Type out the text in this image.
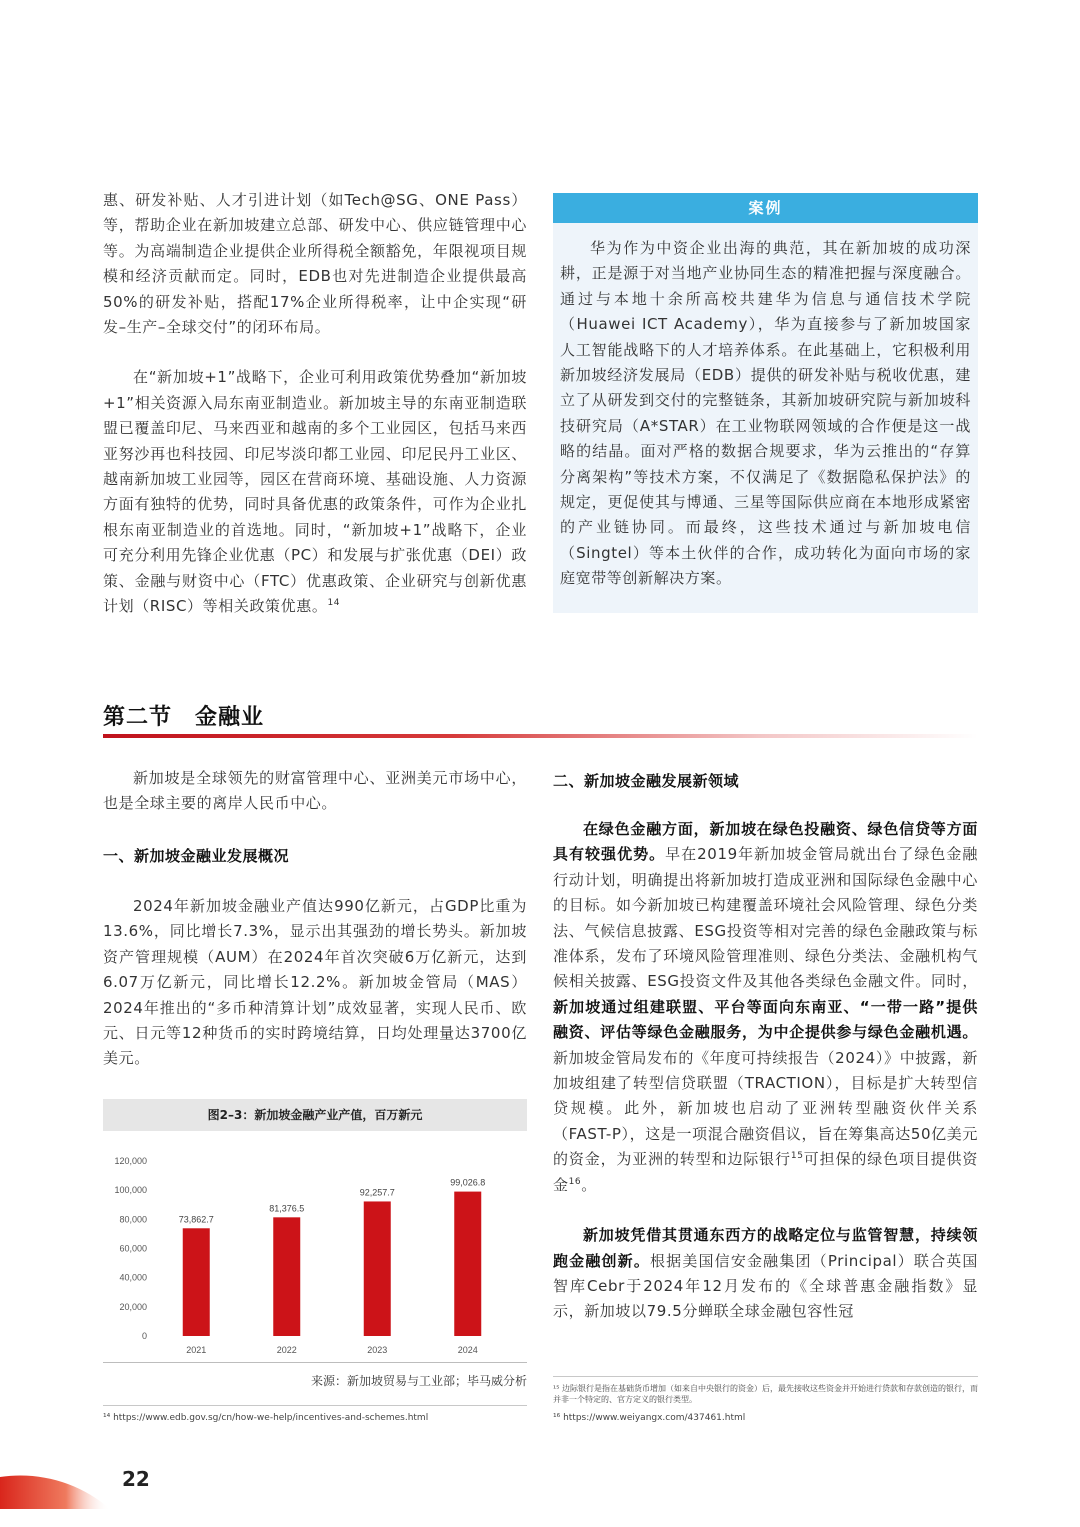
惠、研发补贴、人才引进计划（如Tech@SG、ONE Pass）等，帮助企业在新加坡建立总部、研发中心、供应链管理中心等。为高端制造企业提供企业所得税全额豁免，年限视项目规模和经济贡献而定。同时，EDB也对先进制造企业提供最高50%的研发补贴，搭配17%企业所得税率，让中企实现“研发–生产–全球交付”的闭环布局。

在“新加坡+1”战略下，企业可利用政策优势叠加“新加坡+1”相关资源入局东南亚制造业。新加坡主导的东南亚制造联盟已覆盖印尼、马来西亚和越南的多个工业园区，包括马来西亚努沙再也科技园、印尼岑淡印都工业园、印尼民丹工业区、越南新加坡工业园等，园区在营商环境、基础设施、人力资源方面有独特的优势，同时具备优惠的政策条件，可作为企业扎根东南亚制造业的首选地。同时，“新加坡+1”战略下，企业可充分利用先锋企业优惠（PC）和发展与扩张优惠（DEI）政策、金融与财资中心（FTC）优惠政策、企业研究与创新优惠计划（RISC）等相关政策优惠。$^{14}$

案例

华为作为中资企业出海的典范，其在新加坡的成功深耕，正是源于对当地产业协同生态的精准把握与深度融合。通过与本地十余所高校共建华为信息与通信技术学院（Huawei ICT Academy），华为直接参与了新加坡国家人工智能战略下的人才培养体系。在此基础上，它积极利用新加坡经济发展局（EDB）提供的研发补贴与税收优惠，建立了从研发到交付的完整链条，其新加坡研究院与新加坡科技研究局（A*STAR）在工业物联网领域的合作便是这一战略的结晶。面对严格的数据合规要求，华为云推出的“存算分离架构”等技术方案，不仅满足了《数据隐私保护法》的规定，更促使其与博通、三星等国际供应商在本地形成紧密的产业链协同。而最终，这些技术通过与新加坡电信（Singtel）等本土伙伴的合作，成功转化为面向市场的家庭宽带等创新解决方案。

第二节　金融业

新加坡是全球领先的财富管理中心、亚洲美元市场中心，也是全球主要的离岸人民币中心。

一、新加坡金融业发展概况

2024年新加坡金融业产值达990亿新元，占GDP比重为13.6%，同比增长7.3%，显示出其强劲的增长势头。新加坡资产管理规模（AUM）在2024年首次突破6万亿新元，达到6.07万亿新元，同比增长12.2%。新加坡金管局（MAS）2024年推出的“多币种清算计划”成效显著，实现人民币、欧元、日元等12种货币的实时跨境结算，日均处理量达3700亿美元。

图2–3：新加坡金融产业产值，百万新元
0
20,000
40,000
60,000
80,000
100,000
120,000
73,862.7
2021
81,376.5
2022
92,257.7
2023
99,026.8
2024
来源：新加坡贸易与工业部；毕马威分析
二、新加坡金融发展新领域

在绿色金融方面，新加坡在绿色投融资、绿色信贷等方面具有较强优势。早在2019年新加坡金管局就出台了绿色金融行动计划，明确提出将新加坡打造成亚洲和国际绿色金融中心的目标。如今新加坡已构建覆盖环境社会风险管理、绿色分类法、气候信息披露、ESG投资等相对完善的绿色金融政策与标准体系，发布了环境风险管理准则、绿色分类法、金融机构气候相关披露、ESG投资文件及其他各类绿色金融文件。同时，新加坡通过组建联盟、平台等面向东南亚、“一带一路”提供融资、评估等绿色金融服务，为中企提供参与绿色金融机遇。新加坡金管局发布的《年度可持续报告（2024）》中披露，新加坡组建了转型信贷联盟（TRACTION），目标是扩大转型信贷规模。此外，新加坡也启动了亚洲转型融资伙伴关系（FAST-P），这是一项混合融资倡议，旨在筹集高达50亿美元的资金，为亚洲的转型和边际银行$^{15}$可担保的绿色项目提供资金$^{16}$。

新加坡凭借其贯通东西方的战略定位与监管智慧，持续领跑金融创新。根据美国信安金融集团（Principal）联合英国智库Cebr于2024年12月发布的《全球普惠金融指数》显示，新加坡以79.5分蝉联全球金融包容性冠

¹⁴ https://www.edb.gov.sg/cn/how-we-help/incentives-and-schemes.html
¹⁵ 边际银行是指在基础货币增加（如来自中央银行的资金）后，最先接收这些资金并开始进行贷款和存款创造的银行，而并非一个特定的、官方定义的银行类型。
¹⁶ https://www.weiyangx.com/437461.html
22
